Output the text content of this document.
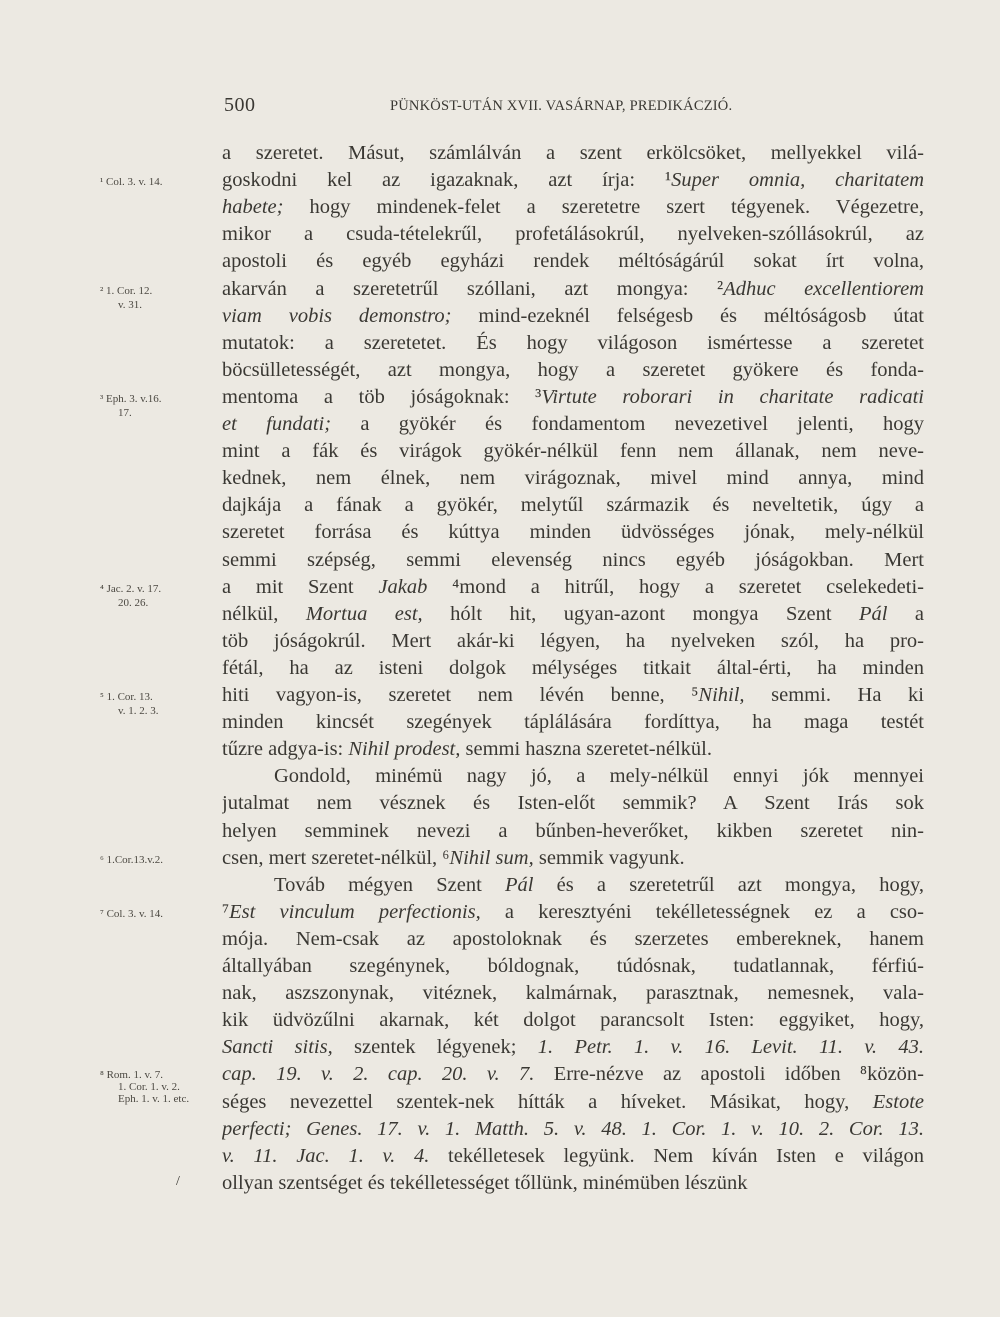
500	PÜNKÖST-UTÁN XVII. VASÁRNAP, PREDIKÁCZIÓ.
¹ Col. 3. v. 14.
² 1. Cor. 12.
v. 31.
³ Eph. 3. v.16.
17.
⁴ Jac. 2. v. 17.
20. 26.
⁵ 1. Cor. 13.
v. 1. 2. 3.
⁶ 1.Cor.13.v.2.
⁷ Col. 3. v. 14.
⁸ Rom. 1. v. 7.
1. Cor. 1. v. 2.
Eph. 1. v. 1. etc.
a szeretet. Másut, számlálván a szent erkölcsöket, mellyekkel vilá-
goskodni kel az igazaknak, azt írja: ¹Super omnia, charitatem
habete; hogy mindenek-felet a szeretetre szert tégyenek. Végezetre,
mikor a csuda-tételekrűl, profetálásokrúl, nyelveken-szóllásokrúl, az
apostoli és egyéb egyházi rendek méltóságárúl sokat írt volna,
akarván a szeretetrűl szóllani, azt mongya: ²Adhuc excellentiorem
viam vobis demonstro; mind-ezeknél felségesb és méltóságosb útat
mutatok: a szeretetet. És hogy világoson ismértesse a szeretet
böcsülletességét, azt mongya, hogy a szeretet gyökere és fonda-
mentoma a töb jóságoknak: ³Virtute roborari in charitate radicati
et fundati; a gyökér és fondamentom nevezetivel jelenti, hogy
mint a fák és virágok gyökér-nélkül fenn nem állanak, nem neve-
kednek, nem élnek, nem virágoznak, mivel mind annya, mind
dajkája a fának a gyökér, melytűl származik és neveltetik, úgy a
szeretet forrása és kúttya minden üdvösséges jónak, mely-nélkül
semmi szépség, semmi elevenség nincs egyéb jóságokban. Mert
a mit Szent Jakab ⁴mond a hitrűl, hogy a szeretet cselekedeti-
nélkül, Mortua est, hólt hit, ugyan-azont mongya Szent Pál a
töb jóságokrúl. Mert akár-ki légyen, ha nyelveken szól, ha pro-
fétál, ha az isteni dolgok mélységes titkait által-érti, ha minden
hiti vagyon-is, szeretet nem lévén benne, ⁵Nihil, semmi. Ha ki
minden kincsét szegények táplálására fordíttya, ha maga testét
tűzre adgya-is: Nihil prodest, semmi haszna szeretet-nélkül.
Gondold, minémü nagy jó, a mely-nélkül ennyi jók mennyei
jutalmat nem vésznek és Isten-előt semmik? A Szent Irás sok
helyen semminek nevezi a bűnben-heverőket, kikben szeretet nin-
csen, mert szeretet-nélkül, ⁶Nihil sum, semmik vagyunk.
Továb mégyen Szent Pál és a szeretetrűl azt mongya, hogy,
⁷Est vinculum perfectionis, a keresztyéni tekélletességnek ez a cso-
mója. Nem-csak az apostoloknak és szerzetes embereknek, hanem
általlyában szegénynek, bóldognak, túdósnak, tudatlannak, férfiú-
nak, aszszonynak, vitéznek, kalmárnak, parasztnak, nemesnek, vala-
kik üdvözűlni akarnak, két dolgot parancsolt Isten: eggyiket, hogy,
Sancti sitis, szentek légyenek; 1. Petr. 1. v. 16. Levit. 11. v. 43.
cap. 19. v. 2. cap. 20. v. 7. Erre-nézve az apostoli időben ⁸közön-
séges nevezettel szentek-nek hítták a híveket. Másikat, hogy, Estote
perfecti; Genes. 17. v. 1. Matth. 5. v. 48. 1. Cor. 1. v. 10. 2. Cor. 13.
v. 11. Jac. 1. v. 4. tekélletesek legyünk. Nem kíván Isten e világon
ollyan szentséget és tekélletességet tőllünk, minémüben lészünk
/
